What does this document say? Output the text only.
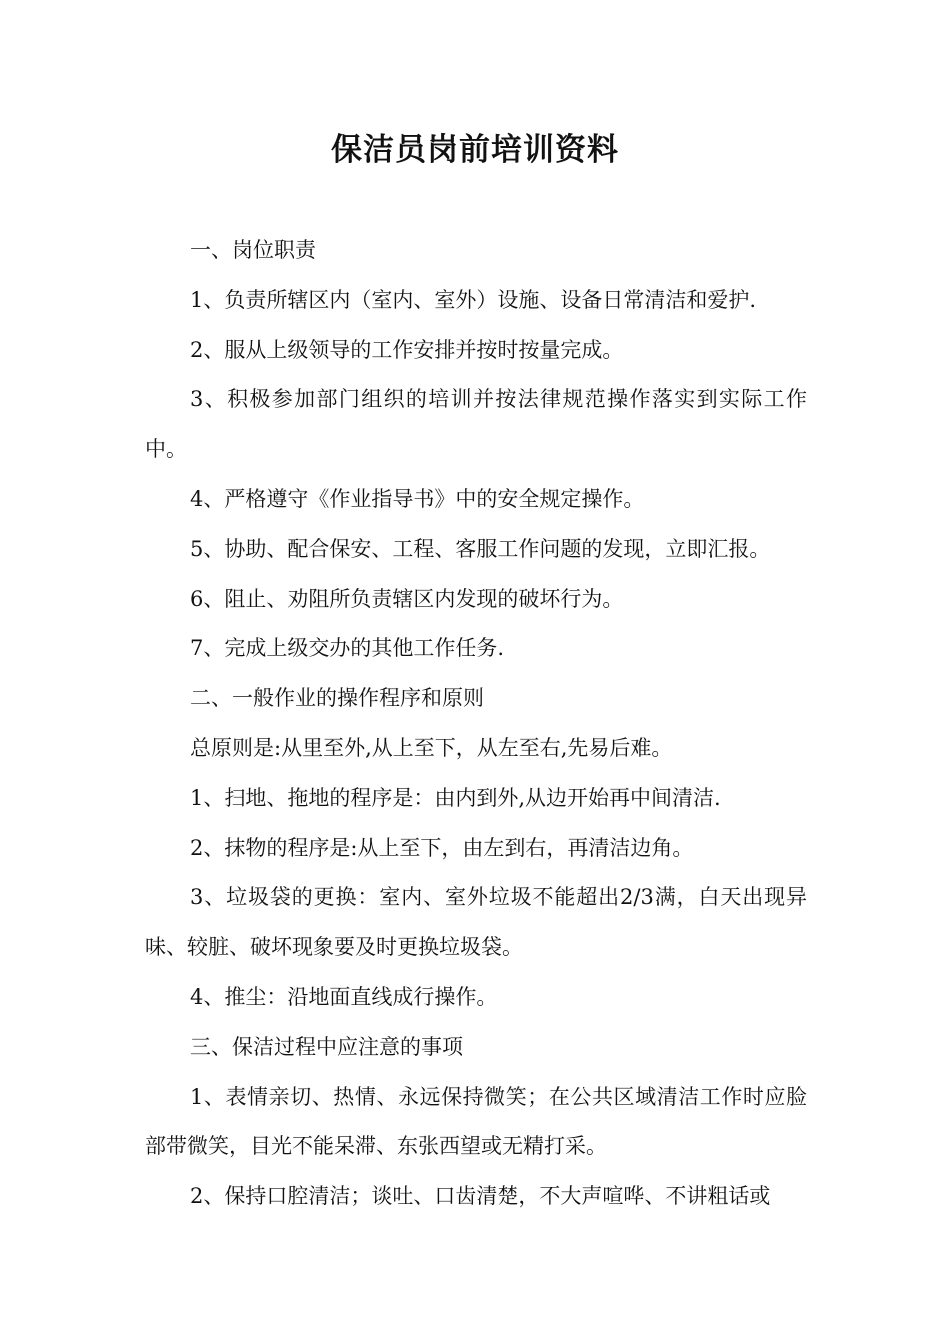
保洁员岗前培训资料

一、岗位职责

1、负责所辖区内（室内、室外）设施、设备日常清洁和爱护.

2、服从上级领导的工作安排并按时按量完成。

3、积极参加部门组织的培训并按法律规范操作落实到实际工作中。

4、严格遵守《作业指导书》中的安全规定操作。

5、协助、配合保安、工程、客服工作问题的发现，立即汇报。

6、阻止、劝阻所负责辖区内发现的破坏行为。

7、完成上级交办的其他工作任务.

二、一般作业的操作程序和原则

总原则是:从里至外,从上至下，从左至右,先易后难。

1、扫地、拖地的程序是：由内到外,从边开始再中间清洁.

2、抹物的程序是:从上至下，由左到右，再清洁边角。

3、垃圾袋的更换：室内、室外垃圾不能超出2/3满，白天出现异味、较脏、破坏现象要及时更换垃圾袋。

4、推尘：沿地面直线成行操作。

三、保洁过程中应注意的事项

1、表情亲切、热情、永远保持微笑；在公共区域清洁工作时应脸部带微笑，目光不能呆滞、东张西望或无精打采。

2、保持口腔清洁；谈吐、口齿清楚，不大声喧哗、不讲粗话或
